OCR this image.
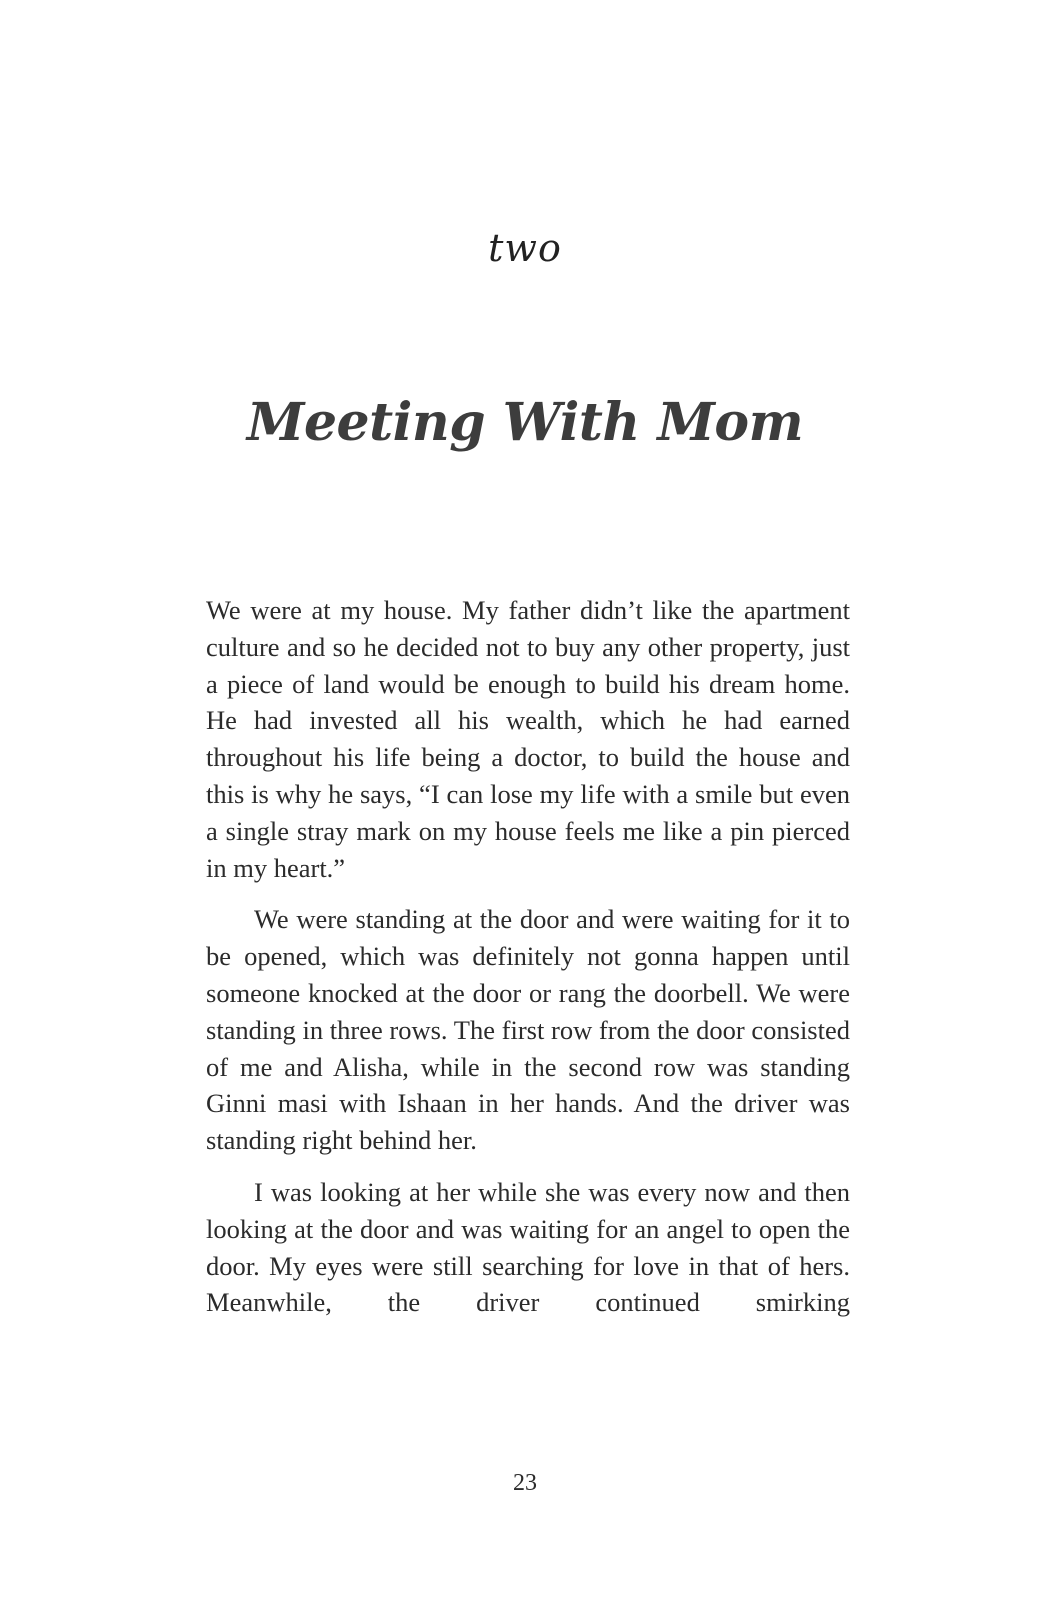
two
Meeting With Mom

We were at my house. My father didn’t like the apartment culture and so he decided not to buy any other property, just a piece of land would be enough to build his dream home. He had invested all his wealth, which he had earned throughout his life being a doctor, to build the house and this is why he says, “I can lose my life with a smile but even a single stray mark on my house feels me like a pin pierced in my heart.”

We were standing at the door and were waiting for it to be opened, which was definitely not gonna happen until someone knocked at the door or rang the doorbell. We were standing in three rows. The first row from the door consisted of me and Alisha, while in the second row was standing Ginni masi with Ishaan in her hands. And the driver was standing right behind her.

I was looking at her while she was every now and then looking at the door and was waiting for an angel to open the door. My eyes were still searching for love in that of hers. Meanwhile, the driver continued smirking

23
